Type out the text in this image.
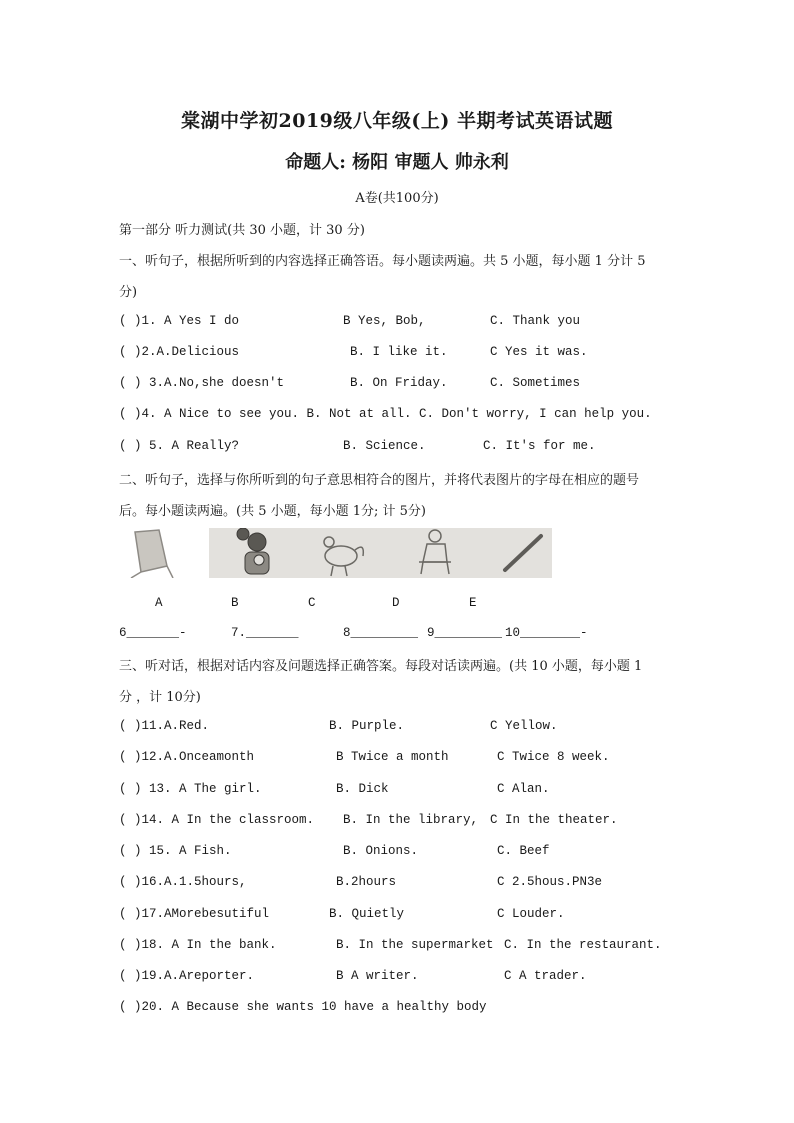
棠湖中学初2019级八年级(上) 半期考试英语试题
命题人: 杨阳 审题人 帅永利
A卷(共100分)
第一部分 听力测试(共 30 小题，计 30 分)
一、听句子，根据所听到的内容选择正确答语。每小题读两遍。共 5 小题，每小题 1 分计 5
分)
( )1. A Yes I do	B Yes, Bob,	C. Thank you
( )2.A.Delicious	B. I like it.	C Yes it was.
( ) 3.A.No,she doesn't	B. On Friday.	C. Sometimes
( )4. A Nice to see you. B. Not at all. C. Don't worry, I can help you.
( ) 5. A Really?	B. Science.	C. It's for me.
二、听句子，选择与你所听到的句子意思相符合的图片，并将代表图片的字母在相应的题号
后。每小题读两遍。(共 5 小题，每小题 1分; 计 5分)
A	B	C	D	E
6_______-	7._______	8_________ 9_________ 10________-
三、听对话，根据对话内容及问题选择正确答案。每段对话读两遍。(共 10 小题，每小题 1
分 ，计 10分)
( )11.A.Red.	B. Purple.	C Yellow.
( )12.A.Onceamonth	B Twice a month	C Twice 8 week.
( ) 13. A The girl.	B. Dick	C Alan.
( )14. A In the classroom. B. In the library, C In the theater.
( ) 15. A Fish.	B. Onions.	C. Beef
( )16.A.1.5hours,	B.2hours	C 2.5hous.PN3e
( )17.AMorebesutiful	B. Quietly	C Louder.
( )18. A In the bank.	B. In the supermarket C. In the restaurant.
( )19.A.Areporter.	B A writer.	C A trader.
( )20. A Because she wants 10 have a healthy body
